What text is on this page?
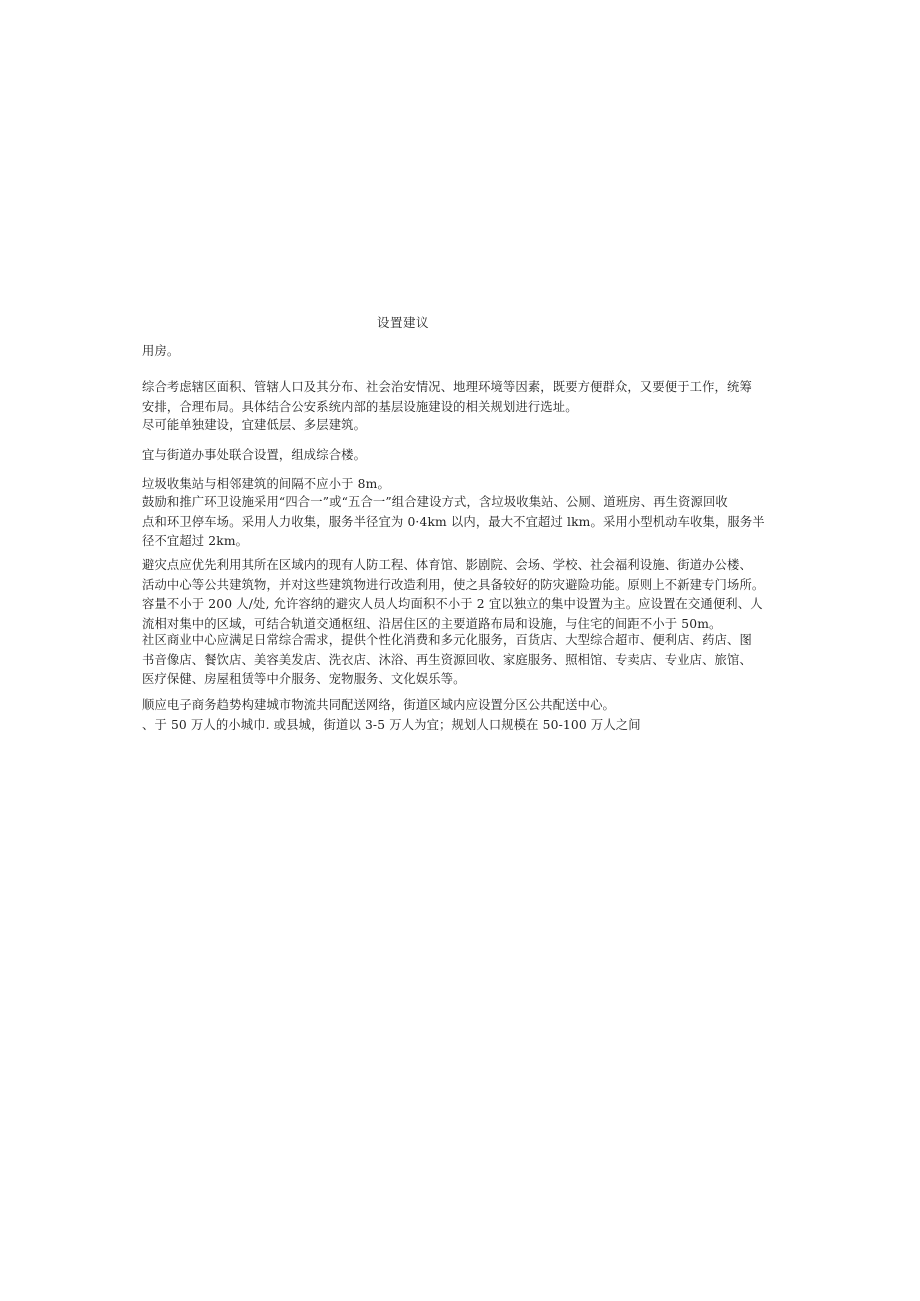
设置建议
用房。
综合考虑辖区面积、管辖人口及其分布、社会治安情况、地理环境等因素，既要方便群众，又要便于工作，统筹
安排，合理布局。具体结合公安系统内部的基层设施建设的相关规划进行选址。
尽可能单独建设，宜建低层、多层建筑。
宜与街道办事处联合设置，组成综合楼。
垃圾收集站与相邻建筑的间隔不应小于 8m。
鼓励和推广环卫设施采用“四合一”或“五合一”组合建设方式，含垃圾收集站、公厕、道班房、再生资源回收
点和环卫停车场。采用人力收集，服务半径宜为 0·4km 以内，最大不宜超过 lkm。采用小型机动车收集，服务半
径不宜超过 2km。
避灾点应优先利用其所在区域内的现有人防工程、体育馆、影剧院、会场、学校、社会福利设施、街道办公楼、
活动中心等公共建筑物，并对这些建筑物进行改造利用，使之具备较好的防灾避险功能。原则上不新建专门场所。
容量不小于 200 人/处, 允许容纳的避灾人员人均面积不小于 2 宜以独立的集中设置为主。应设置在交通便利、人
流相对集中的区域，可结合轨道交通枢纽、沿居住区的主要道路布局和设施，与住宅的间距不小于 50m。
社区商业中心应满足日常综合需求，提供个性化消费和多元化服务，百货店、大型综合超市、便利店、药店、图
书音像店、餐饮店、美容美发店、洗衣店、沐浴、再生资源回收、家庭服务、照相馆、专卖店、专业店、旅馆、
医疗保健、房屋租赁等中介服务、宠物服务、文化娱乐等。
顺应电子商务趋势构建城市物流共同配送网络，街道区域内应设置分区公共配送中心。
、于 50 万人的小城巾. 或县城，街道以 3-5 万人为宜；规划人口规模在 50-100 万人之间
